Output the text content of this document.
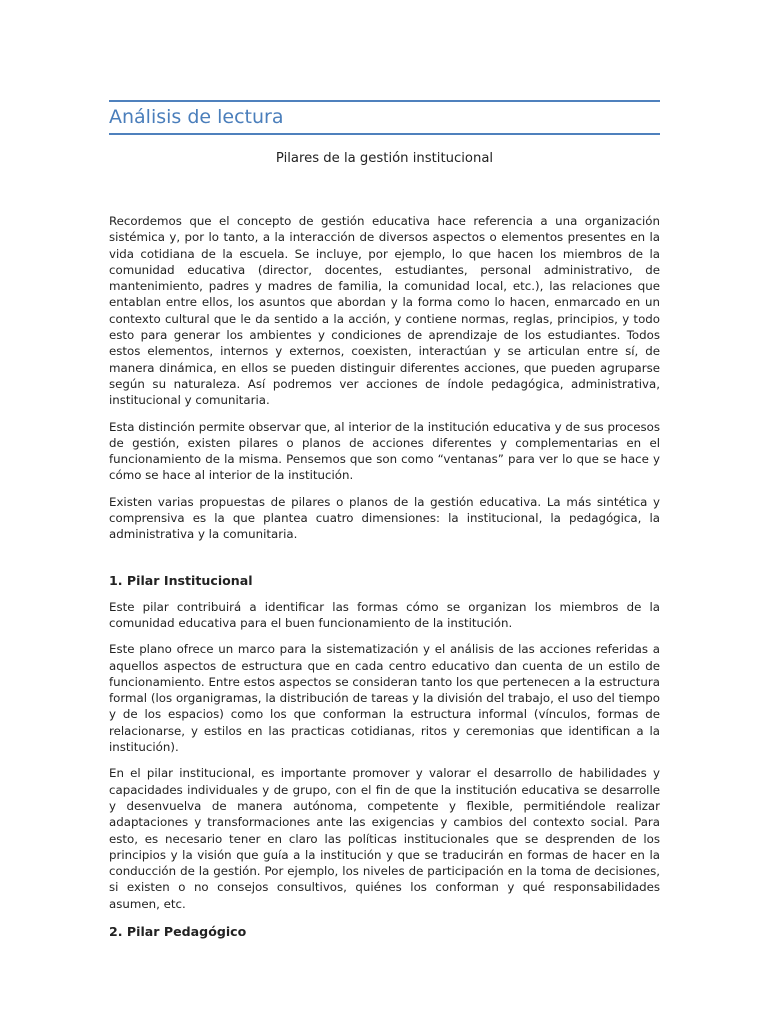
Análisis de lectura
Pilares de la gestión institucional

Recordemos que el concepto de gestión educativa hace referencia a una organización sistémica y, por lo tanto, a la interacción de diversos aspectos o elementos presentes en la vida cotidiana de la escuela. Se incluye, por ejemplo, lo que hacen los miembros de la comunidad educativa (director, docentes, estudiantes, personal administrativo, de mantenimiento, padres y madres de familia, la comunidad local, etc.), las relaciones que entablan entre ellos, los asuntos que abordan y la forma como lo hacen, enmarcado en un contexto cultural que le da sentido a la acción, y contiene normas, reglas, principios, y todo esto para generar los ambientes y condiciones de aprendizaje de los estudiantes. Todos estos elementos, internos y externos, coexisten, interactúan y se articulan entre sí, de manera dinámica, en ellos se pueden distinguir diferentes acciones, que pueden agruparse según su naturaleza. Así podremos ver acciones de índole pedagógica, administrativa, institucional y comunitaria.

Esta distinción permite observar que, al interior de la institución educativa y de sus procesos de gestión, existen pilares o planos de acciones diferentes y complementarias en el funcionamiento de la misma. Pensemos que son como “ventanas” para ver lo que se hace y cómo se hace al interior de la institución.

Existen varias propuestas de pilares o planos de la gestión educativa. La más sintética y comprensiva es la que plantea cuatro dimensiones: la institucional, la pedagógica, la administrativa y la comunitaria.

1. Pilar Institucional

Este pilar contribuirá a identificar las formas cómo se organizan los miembros de la comunidad educativa para el buen funcionamiento de la institución.

Este plano ofrece un marco para la sistematización y el análisis de las acciones referidas a aquellos aspectos de estructura que en cada centro educativo dan cuenta de un estilo de funcionamiento. Entre estos aspectos se consideran tanto los que pertenecen a la estructura formal (los organigramas, la distribución de tareas y la división del trabajo, el uso del tiempo y de los espacios) como los que conforman la estructura informal (vínculos, formas de relacionarse, y estilos en las practicas cotidianas, ritos y ceremonias que identifican a la institución).

En el pilar institucional, es importante promover y valorar el desarrollo de habilidades y capacidades individuales y de grupo, con el fin de que la institución educativa se desarrolle y desenvuelva de manera autónoma, competente y flexible, permitiéndole realizar adaptaciones y transformaciones ante las exigencias y cambios del contexto social. Para esto, es necesario tener en claro las políticas institucionales que se desprenden de los principios y la visión que guía a la institución y que se traducirán en formas de hacer en la conducción de la gestión. Por ejemplo, los niveles de participación en la toma de decisiones, si existen o no consejos consultivos, quiénes los conforman y qué responsabilidades asumen, etc.

2. Pilar Pedagógico
